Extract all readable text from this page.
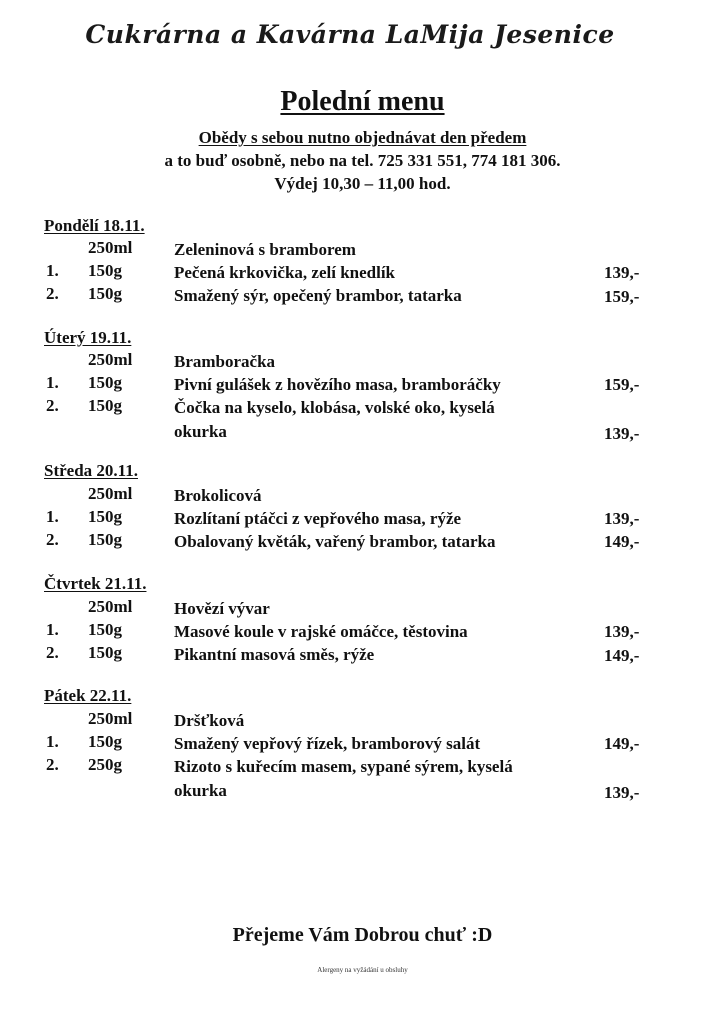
Cukrárna a Kavárna LaMija Jesenice
Polední menu
Obědy s sebou nutno objednávat den předem
a to buď osobně, nebo na tel. 725 331 551, 774 181 306.
Výdej 10,30 – 11,00 hod.
Pondělí 18.11.
250ml Zeleninová s bramborem
1. 150g	Pečená krkovička, zelí knedlík	139,-
2. 150g	Smažený sýr, opečený brambor, tatarka	159,-
Úterý 19.11.
250ml Bramboračka
1. 150g	Pivní gulášek z hovězího masa, bramboráčky	159,-
2. 150g	Čočka na kyselo, klobása, volské oko, kyselá
okurka	139,-
Středa 20.11.
250ml Brokolicová
1. 150g	Rozlítaní ptáčci z vepřového masa, rýže	139,-
2. 150g	Obalovaný květák, vařený brambor, tatarka	149,-
Čtvrtek 21.11.
250ml Hovězí vývar
1. 150g	Masové koule v rajské omáčce, těstovina	139,-
2. 150g	Pikantní masová směs, rýže	149,-
Pátek 22.11.
250ml Dršťková
1. 150g	Smažený vepřový řízek, bramborový salát	149,-
2. 250g	Rizoto s kuřecím masem, sypané sýrem, kyselá
okurka	139,-
Přejeme Vám Dobrou chuť :D
Alergeny na vyžádání u obsluhy
